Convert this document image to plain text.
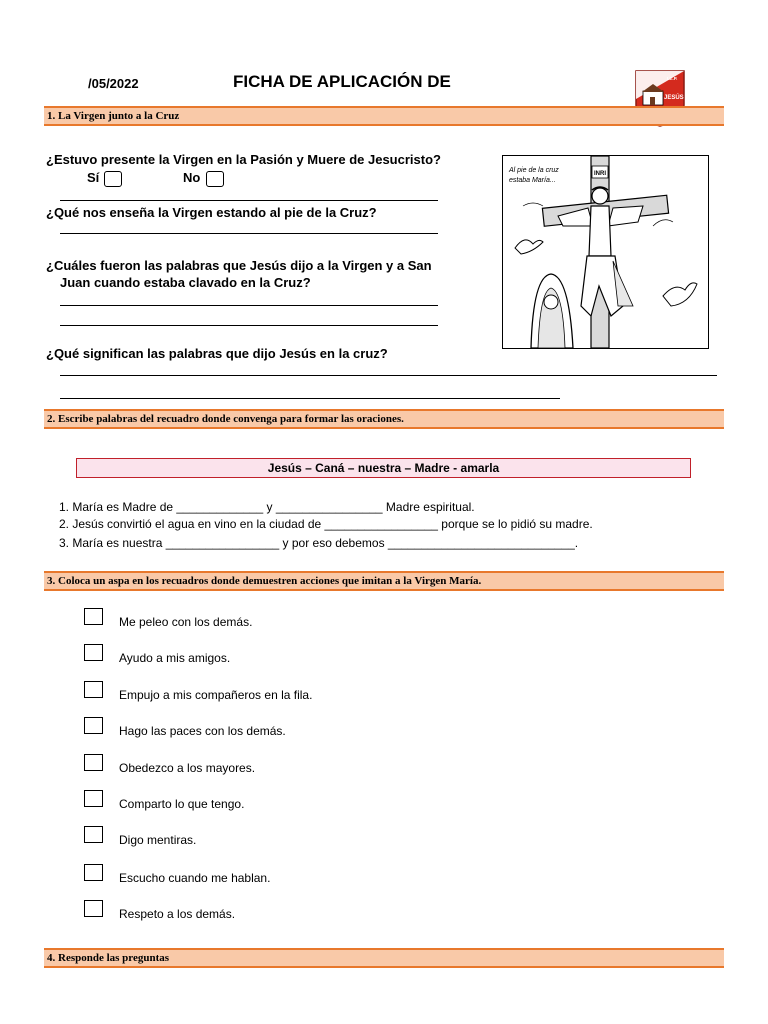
/05/2022	FICHA DE APLICACIÓN DE	I.E.P.
JESÚS
1. La Virgen junto a la Cruz
¿Estuvo presente la Virgen en la Pasión y Muere de Jesucristo?
Sí	No
¿Qué nos enseña la Virgen estando al pie de la Cruz?
¿Cuáles fueron las palabras que Jesús dijo a la Virgen y a San
Juan cuando estaba clavado en la Cruz?
¿Qué significan las palabras que dijo Jesús en la cruz?
Al pie de la cruz estaba María...
INRI
2. Escribe palabras del recuadro donde convenga para formar las oraciones.
Jesús – Caná – nuestra – Madre - amarla
1. María es Madre de _____________ y ________________ Madre espiritual.
2. Jesús convirtió el agua en vino en la ciudad de _________________ porque se lo pidió su madre.
3. María es nuestra _________________ y por eso debemos ____________________________.
3. Coloca un aspa en los recuadros donde demuestren acciones que imitan a la Virgen María.
Me peleo con los demás.
Ayudo a mis amigos.
Empujo a mis compañeros en la fila.
Hago las paces con los demás.
Obedezco a los mayores.
Comparto lo que tengo.
Digo mentiras.
Escucho cuando me hablan.
Respeto a los demás.
4. Responde las preguntas
